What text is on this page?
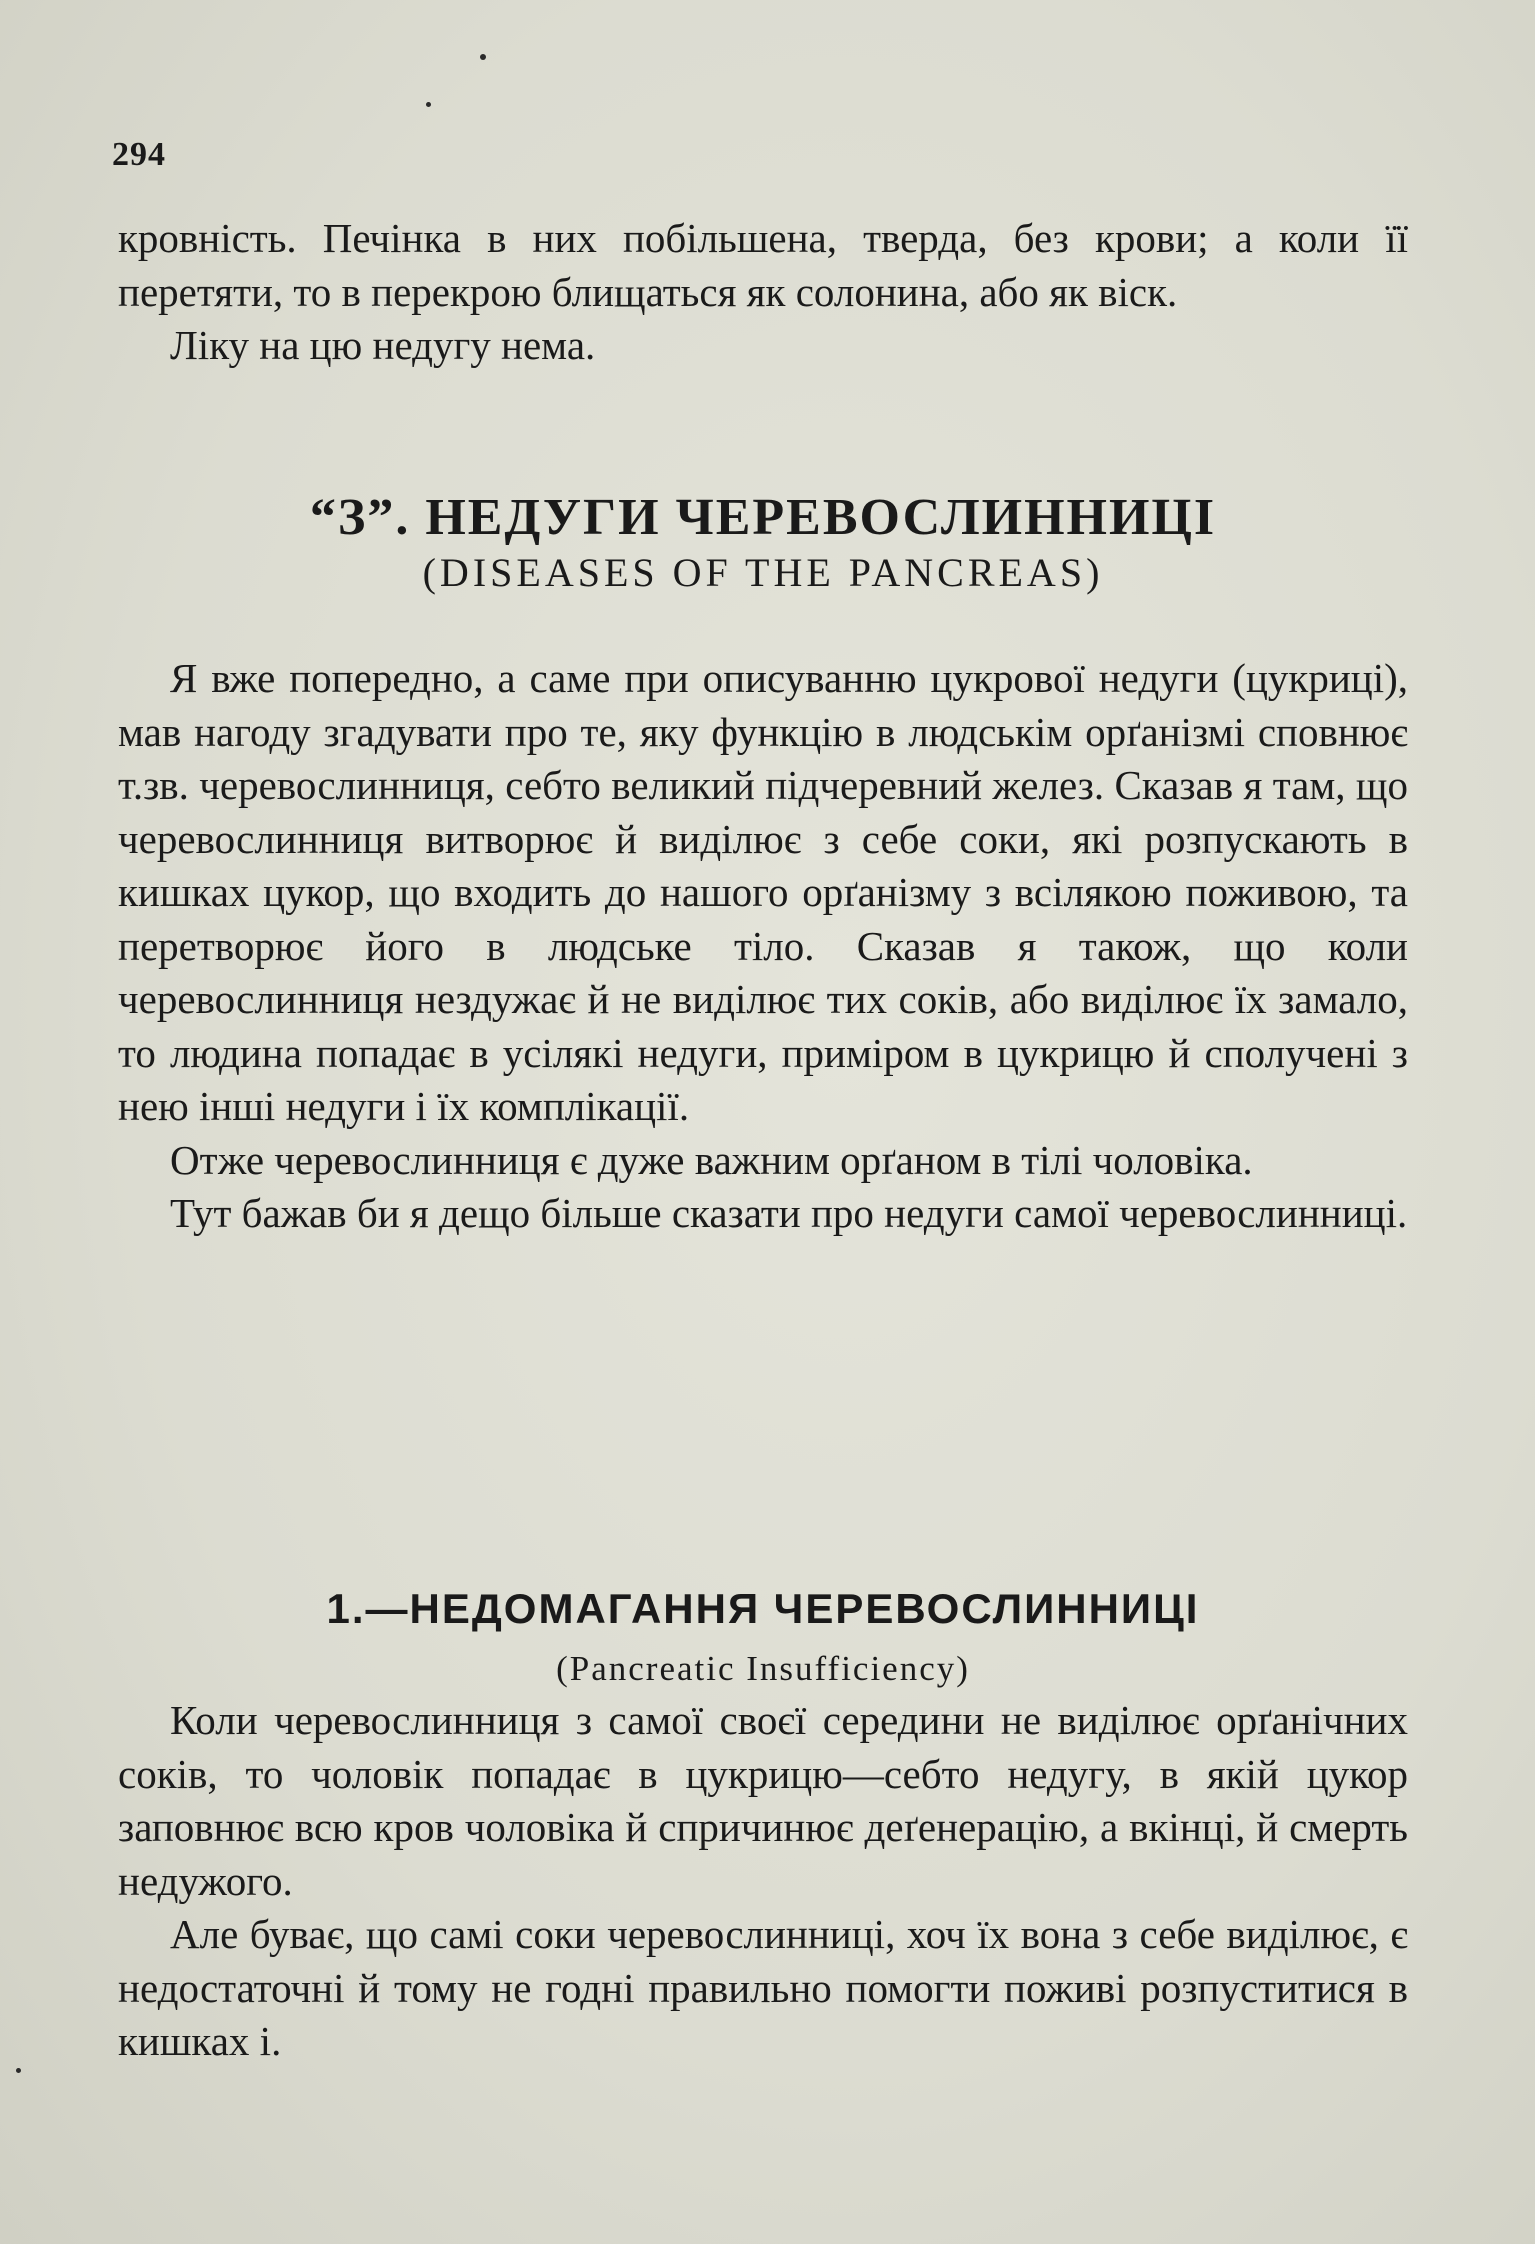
294

кровність. Печінка в них побільшена, тверда, без крови; а коли її перетяти, то в перекрою блищаться як солонина, або як віск.

Ліку на цю недугу нема.

“З”. НЕДУГИ ЧЕРЕВОСЛИННИЦІ
(DISEASES OF THE PANCREAS)

Я вже попередно, а саме при описуванню цукрової недуги (цукриці), мав нагоду згадувати про те, яку функцію в людськім орґанізмі сповнює т.зв. черевослинниця, себто великий підчеревний желез. Сказав я там, що черевослинниця витворює й виділює з себе соки, які розпускають в кишках цукор, що входить до нашого орґанізму з всілякою поживою, та перетворює його в людське тіло. Сказав я також, що коли черевослинниця нездужає й не виділює тих соків, або виділює їх замало, то людина попадає в усілякі недуги, приміром в цукрицю й сполучені з нею інші недуги і їх комплікації.

Отже черевослинниця є дуже важним орґаном в тілі чоловіка.

Тут бажав би я дещо більше сказати про недуги самої черевослинниці.

1.—НЕДОМАГАННЯ ЧЕРЕВОСЛИННИЦІ
(Pancreatic Insufficiency)

Коли черевослинниця з самої своєї середини не виділює орґанічних соків, то чоловік попадає в цукрицю—себто недугу, в якій цукор заповнює всю кров чоловіка й спричинює деґенерацію, а вкінці, й смерть недужого.

Але буває, що самі соки черевослинниці, хоч їх вона з себе виділює, є недостаточні й тому не годні правильно помогти поживі розпуститися в кишках і.
